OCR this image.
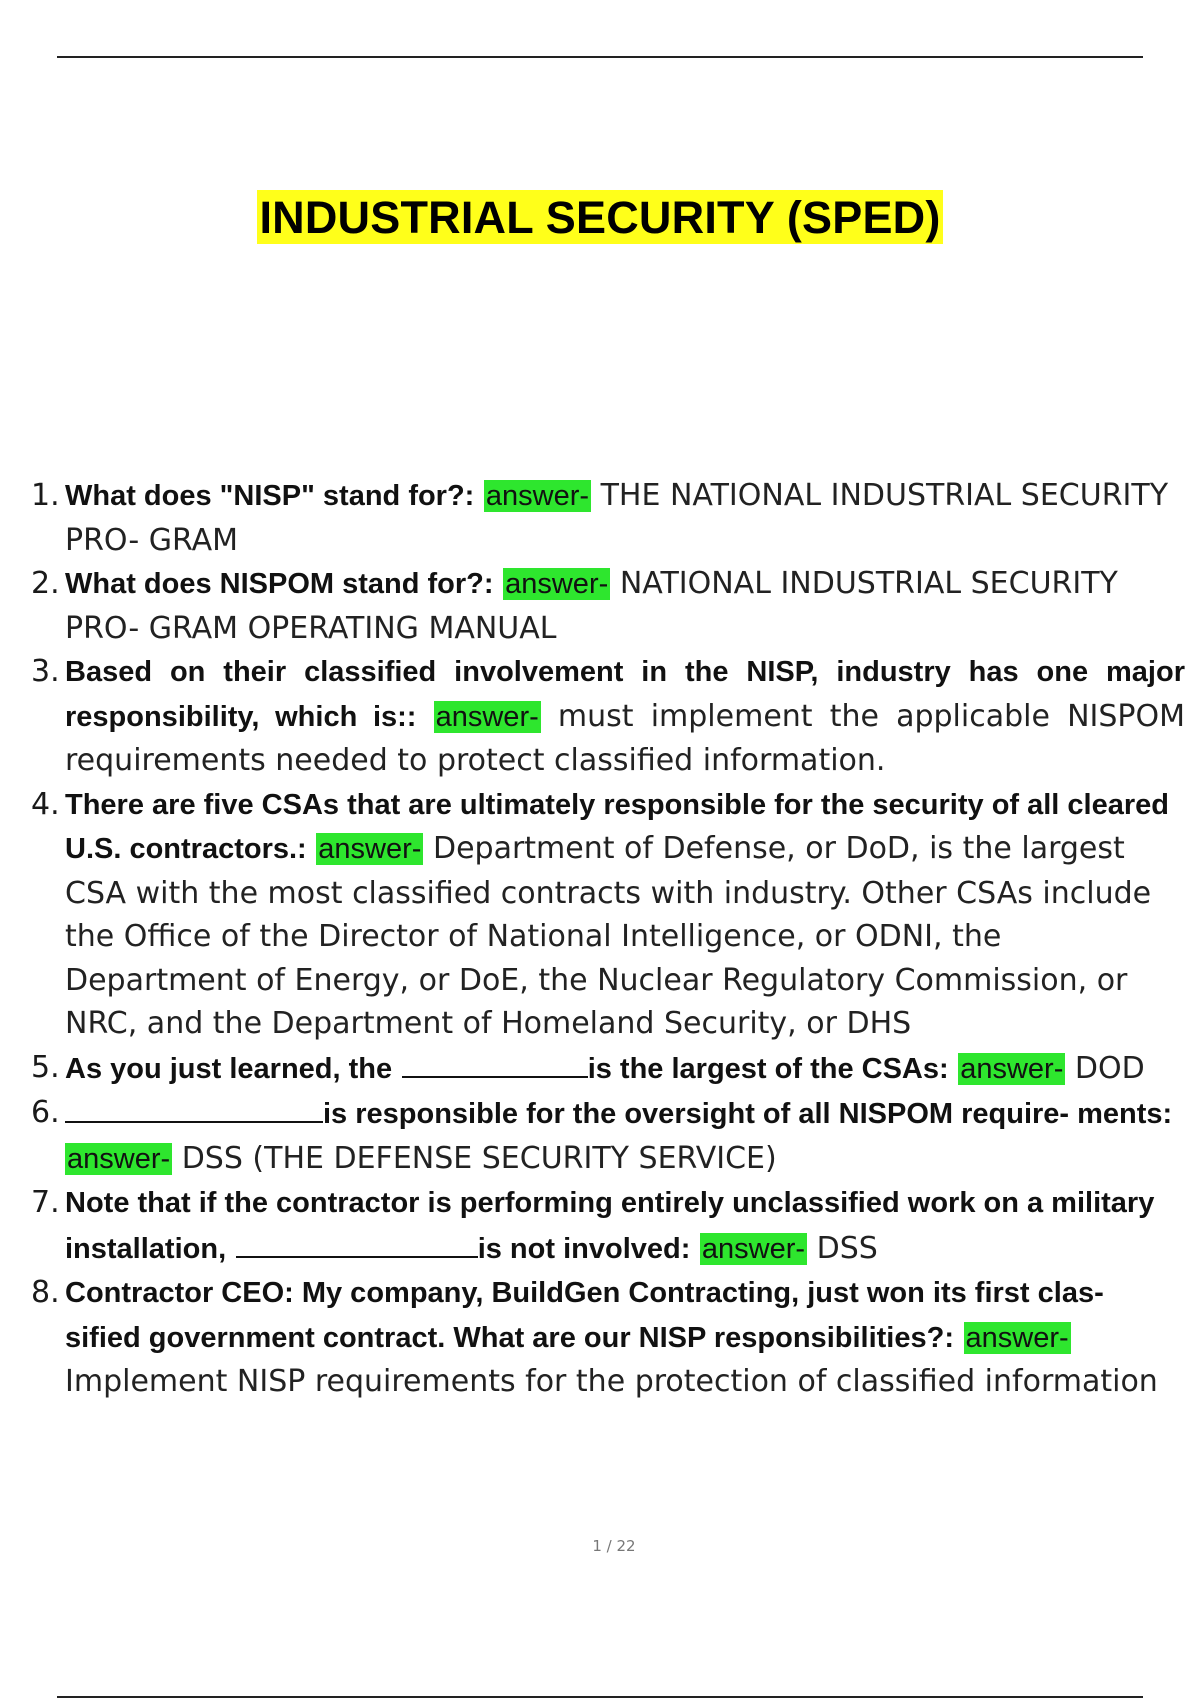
INDUSTRIAL SECURITY (SPED)
1. What does "NISP" stand for?: answer- THE NATIONAL INDUSTRIAL SECURITY PRO- GRAM
2. What does NISPOM stand for?: answer- NATIONAL INDUSTRIAL SECURITY PRO- GRAM OPERATING MANUAL
3. Based on their classified involvement in the NISP, industry has one major responsibility, which is:: answer- must implement the applicable NISPOM requirements needed to protect classified information.
4. There are five CSAs that are ultimately responsible for the security of all cleared U.S. contractors.: answer- Department of Defense, or DoD, is the largest CSA with the most classified contracts with industry. Other CSAs include the Office of the Director of National Intelligence, or ODNI, the Department of Energy, or DoE, the Nuclear Regulatory Commission, or NRC, and the Department of Homeland Security, or DHS
5. As you just learned, the	is the largest of the CSAs: answer- DOD
6.	is responsible for the oversight of all NISPOM require- ments: answer- DSS (THE DEFENSE SECURITY SERVICE)
7. Note that if the contractor is performing entirely unclassified work on a military installation,	is not involved: answer- DSS
8. Contractor CEO: My company, BuildGen Contracting, just won its first clas- sified government contract. What are our NISP responsibilities?: answer- Implement NISP requirements for the protection of classified information
1 / 22
